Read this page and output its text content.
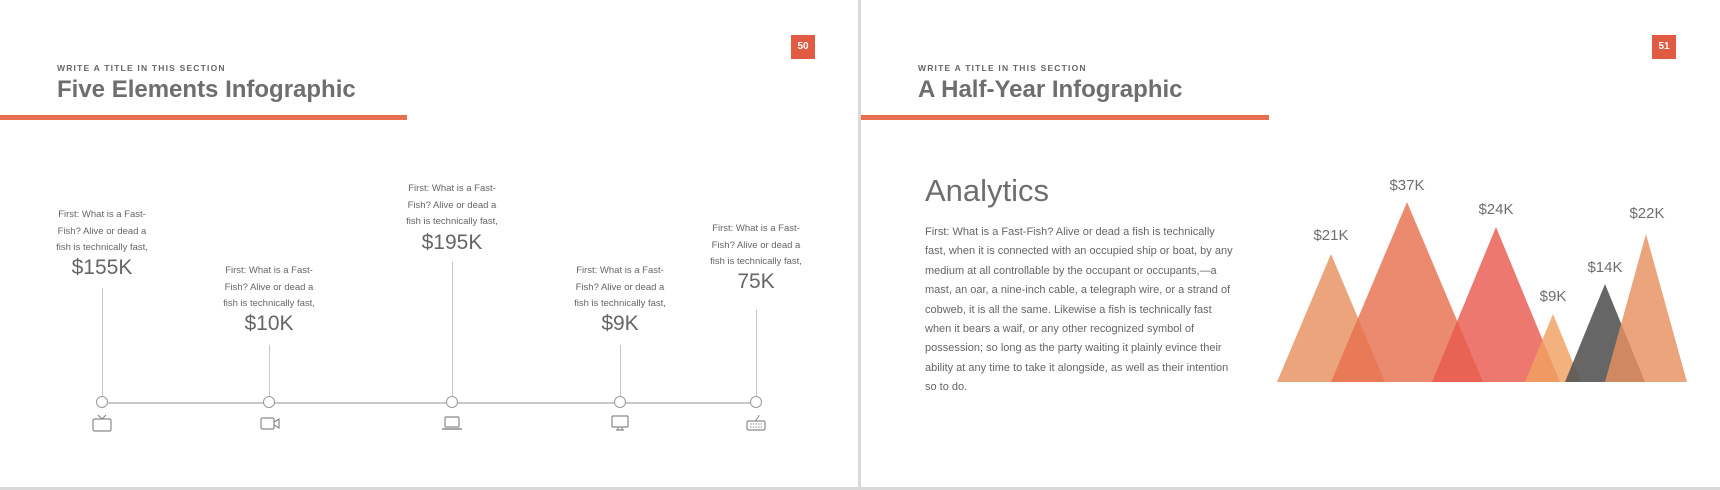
WRITE A TITLE IN THIS SECTION
Five Elements Infographic
50
First: What is a Fast-
Fish? Alive or dead a
fish is technically fast,
$155K	First: What is a Fast-
Fish? Alive or dead a
fish is technically fast,
$10K
First: What is a Fast-
Fish? Alive or dead a
fish is technically fast,
$195K
First: What is a Fast-
Fish? Alive or dead a
fish is technically fast,
$9K
First: What is a Fast-
Fish? Alive or dead a
fish is technically fast,
75K
WRITE A TITLE IN THIS SECTION
A Half-Year Infographic
51
Analytics
First: What is a Fast-Fish? Alive or dead a fish is technically fast, when it is connected with an occupied ship or boat, by any medium at all controllable by the occupant or occupants,—a mast, an oar, a nine-inch cable, a telegraph wire, or a strand of cobweb, it is all the same. Likewise a fish is technically fast when it bears a waif, or any other recognized symbol of possession; so long as the party waiting it plainly evince their ability at any time to take it alongside, as well as their intention so to do.
$21K
$37K
$24K
$9K
$14K
$22K
